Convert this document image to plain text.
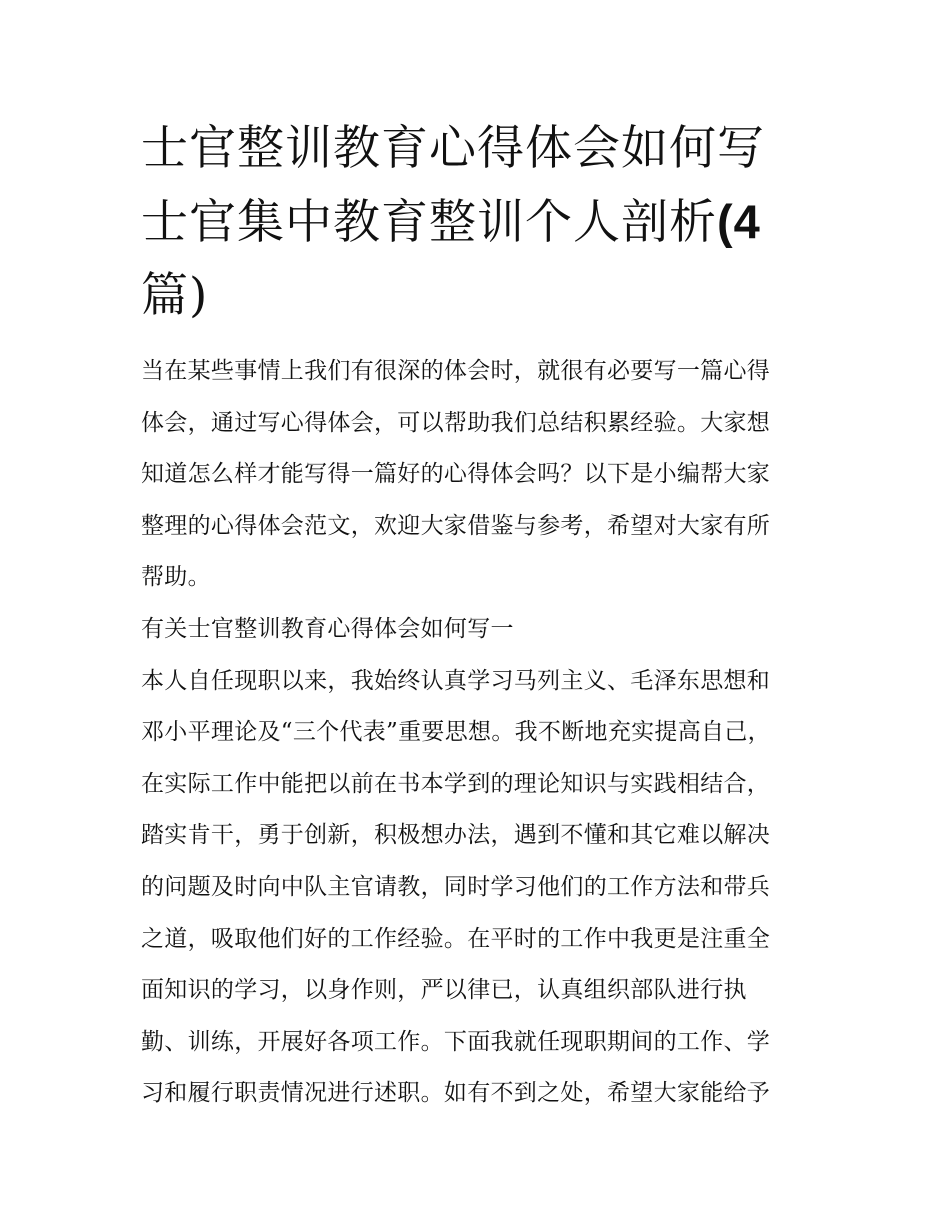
士官整训教育心得体会如何写
士官集中教育整训个人剖析(4
篇)
当在某些事情上我们有很深的体会时，就很有必要写一篇心得
体会，通过写心得体会，可以帮助我们总结积累经验。大家想
知道怎么样才能写得一篇好的心得体会吗？以下是小编帮大家
整理的心得体会范文，欢迎大家借鉴与参考，希望对大家有所
帮助。
有关士官整训教育心得体会如何写一
本人自任现职以来，我始终认真学习马列主义、毛泽东思想和
邓小平理论及“三个代表”重要思想。我不断地充实提高自己，
在实际工作中能把以前在书本学到的理论知识与实践相结合，
踏实肯干，勇于创新，积极想办法，遇到不懂和其它难以解决
的问题及时向中队主官请教，同时学习他们的工作方法和带兵
之道，吸取他们好的工作经验。在平时的工作中我更是注重全
面知识的学习，以身作则，严以律已，认真组织部队进行执
勤、训练，开展好各项工作。下面我就任现职期间的工作、学
习和履行职责情况进行述职。如有不到之处，希望大家能给予
